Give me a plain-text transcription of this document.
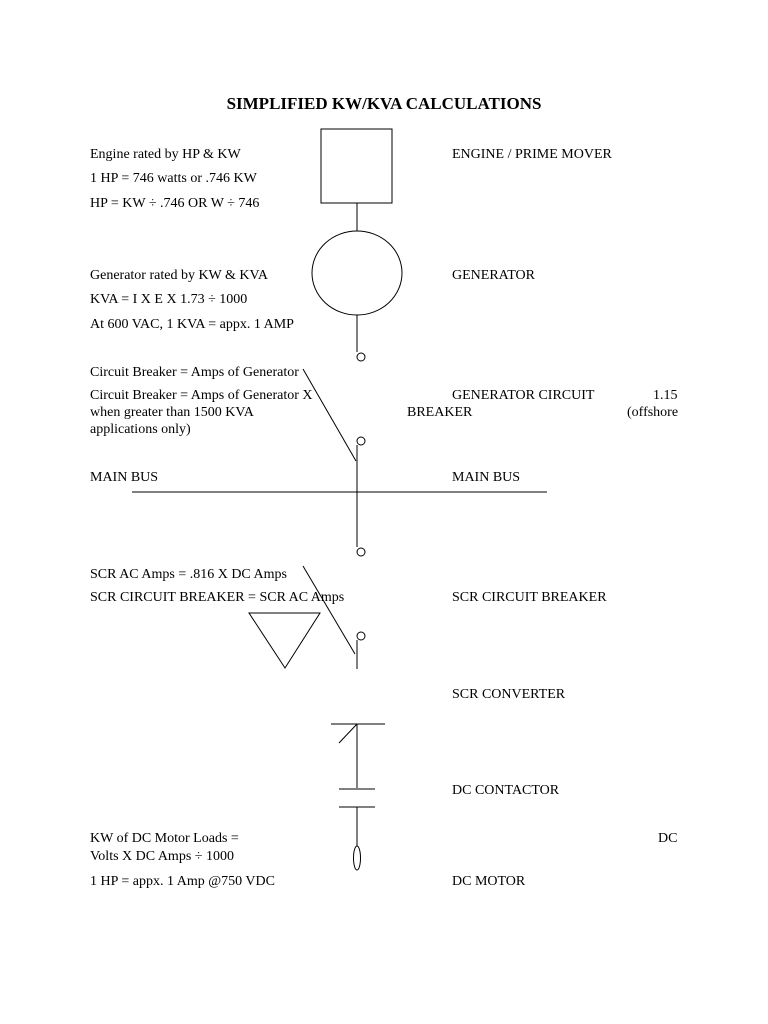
SIMPLIFIED KW/KVA CALCULATIONS
Engine rated by HP & KW
1 HP = 746 watts or .746 KW
HP = KW ÷ .746 OR W ÷ 746
Generator rated by KW & KVA
KVA = I X E X 1.73 ÷ 1000
At 600 VAC, 1 KVA = appx. 1 AMP
Circuit Breaker = Amps of Generator
Circuit Breaker = Amps of Generator X
when greater than 1500 KVA
applications only)
MAIN BUS
SCR AC Amps = .816 X DC Amps
SCR CIRCUIT BREAKER = SCR AC Amps
KW of DC Motor Loads =
Volts X DC Amps ÷ 1000
1 HP = appx. 1 Amp @750 VDC
ENGINE / PRIME MOVER
GENERATOR
GENERATOR CIRCUIT	1.15
BREAKER	(offshore
MAIN BUS
SCR CIRCUIT BREAKER
SCR CONVERTER
DC CONTACTOR
DC
DC MOTOR
